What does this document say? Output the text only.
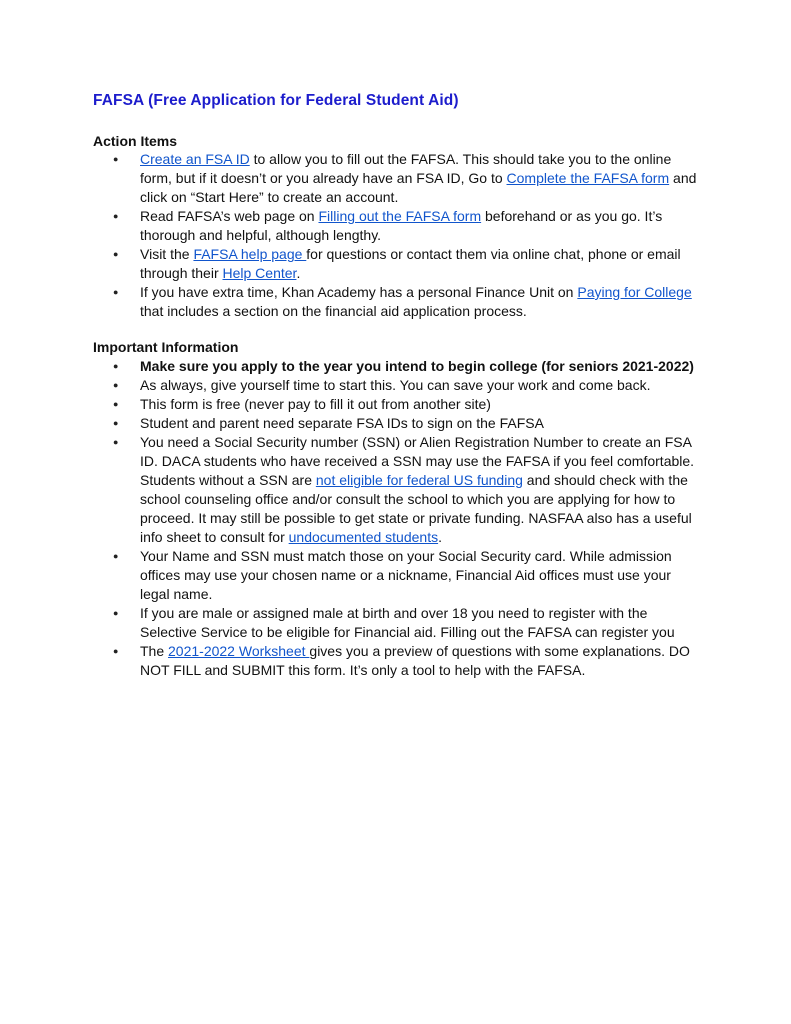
FAFSA (Free Application for Federal Student Aid)
Action Items
● Create an FSA ID to allow you to fill out the FAFSA. This should take you to the online form, but if it doesn’t or you already have an FSA ID, Go to Complete the FAFSA form and click on “Start Here” to create an account.
● Read FAFSA’s web page on Filling out the FAFSA form beforehand or as you go. It’s thorough and helpful, although lengthy.
● Visit the FAFSA help page for questions or contact them via online chat, phone or email through their Help Center.
● If you have extra time, Khan Academy has a personal Finance Unit on Paying for College that includes a section on the financial aid application process.
Important Information
● Make sure you apply to the year you intend to begin college (for seniors 2021-2022)
● As always, give yourself time to start this. You can save your work and come back.
● This form is free (never pay to fill it out from another site)
● Student and parent need separate FSA IDs to sign on the FAFSA
● You need a Social Security number (SSN) or Alien Registration Number to create an FSA ID. DACA students who have received a SSN may use the FAFSA if you feel comfortable. Students without a SSN are not eligible for federal US funding and should check with the school counseling office and/or consult the school to which you are applying for how to proceed. It may still be possible to get state or private funding. NASFAA also has a useful info sheet to consult for undocumented students.
● Your Name and SSN must match those on your Social Security card. While admission offices may use your chosen name or a nickname, Financial Aid offices must use your legal name.
● If you are male or assigned male at birth and over 18 you need to register with the Selective Service to be eligible for Financial aid. Filling out the FAFSA can register you
● The 2021-2022 Worksheet gives you a preview of questions with some explanations. DO NOT FILL and SUBMIT this form. It’s only a tool to help with the FAFSA.
